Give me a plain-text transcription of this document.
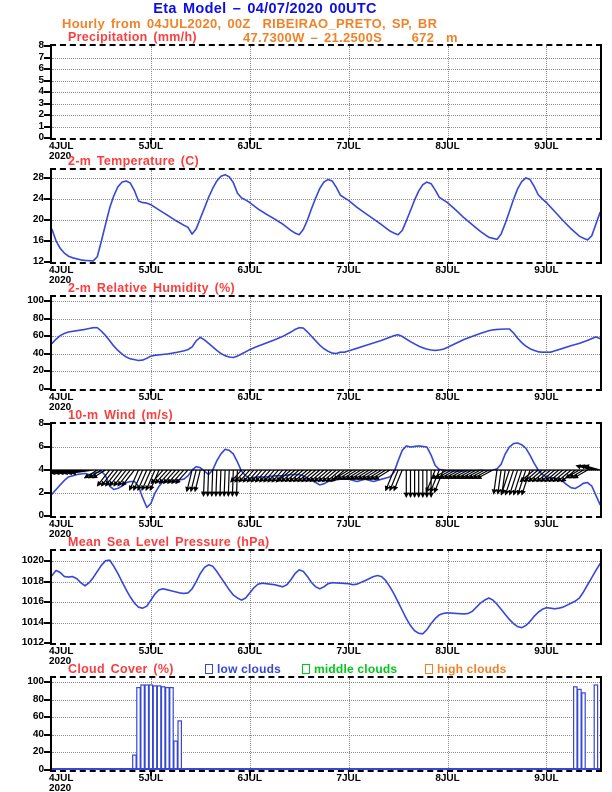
Eta Model – 04/07/2020 00UTC
Hourly from 04JUL2020, 00Z  RIBEIRAO_PRETO, SP, BR
47.7300W – 21.2500S     672  m
Precipitation (mm/h)
8
7
6
5
4
3
2
1
0
4JUL
2020
5JUL	6JUL	7JUL	8JUL	9JUL
2-m Temperature (C)
28
24
20
16
12
4JUL
2020
5JUL	6JUL	7JUL	8JUL	9JUL
2-m Relative Humidity (%)
100
80
60
40
20
0
4JUL
2020
5JUL	6JUL	7JUL	8JUL	9JUL
10-m Wind (m/s)
8
6
4
2
0
4JUL
2020
5JUL	6JUL	7JUL	8JUL	9JUL
Mean Sea Level Pressure (hPa)
1020
1018
1016
1014
1012
4JUL
2020
5JUL	6JUL	7JUL	8JUL	9JUL
Cloud Cover (%)	low clouds	middle clouds	high clouds
100
80
60
40
20
0
4JUL
2020
5JUL	6JUL	7JUL	8JUL	9JUL
